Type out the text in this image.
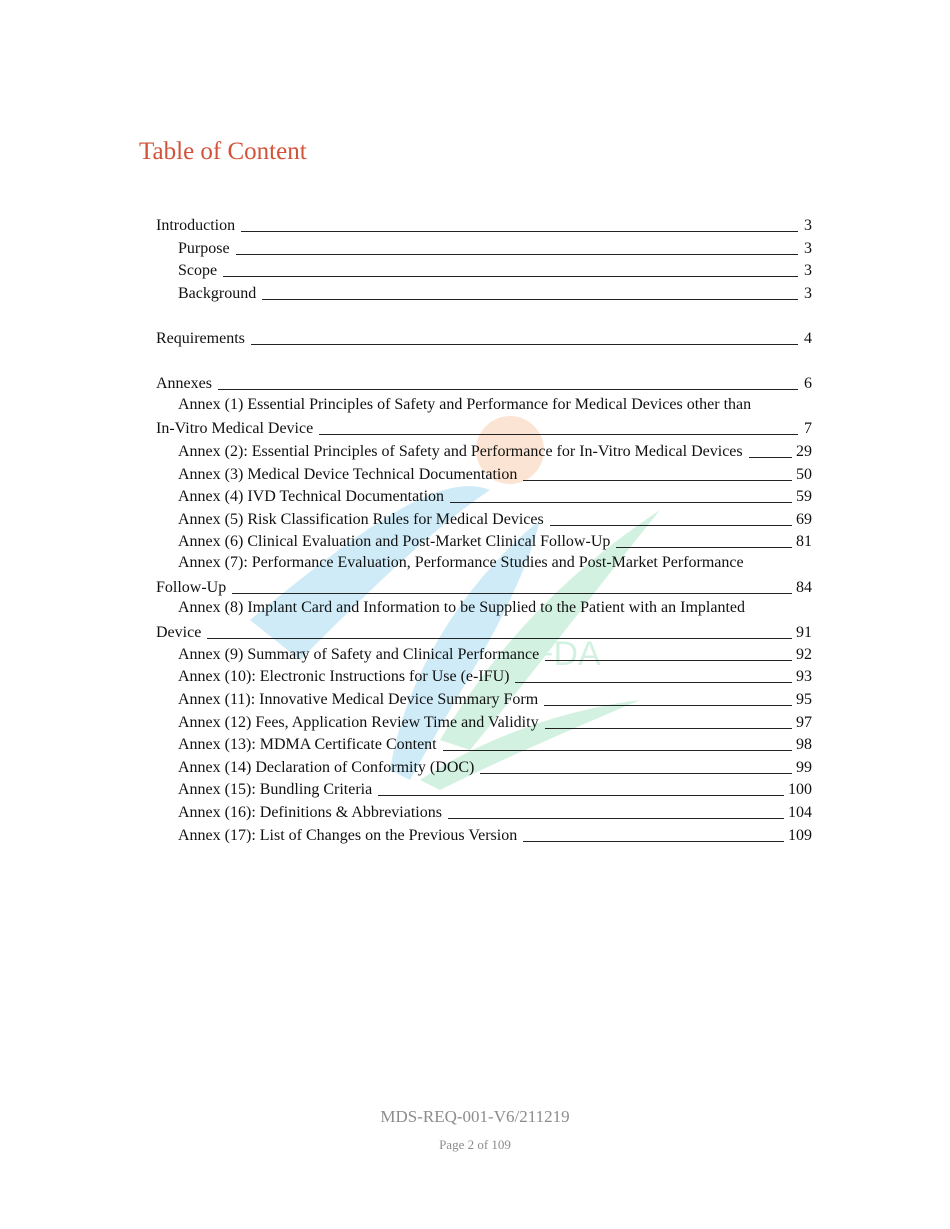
Table of Content
SFDA
Introduction	3
Purpose	3
Scope	3
Background	3
Requirements	4
Annexes	6
Annex (1) Essential Principles of Safety and Performance for Medical Devices other than
In-Vitro Medical Device	7
Annex (2): Essential Principles of Safety and Performance for In-Vitro Medical Devices	29
Annex (3) Medical Device Technical Documentation	50
Annex (4) IVD Technical Documentation	59
Annex (5) Risk Classification Rules for Medical Devices	69
Annex (6) Clinical Evaluation and Post-Market Clinical Follow-Up	81
Annex (7): Performance Evaluation, Performance Studies and Post-Market Performance
Follow-Up	84
Annex (8) Implant Card and Information to be Supplied to the Patient with an Implanted
Device	91
Annex (9) Summary of Safety and Clinical Performance	92
Annex (10): Electronic Instructions for Use (e-IFU)	93
Annex (11): Innovative Medical Device Summary Form	95
Annex (12) Fees, Application Review Time and Validity	97
Annex (13): MDMA Certificate Content	98
Annex (14) Declaration of Conformity (DOC)	99
Annex (15): Bundling Criteria	100
Annex (16): Definitions & Abbreviations	104
Annex (17): List of Changes on the Previous Version	109
MDS-REQ-001-V6/211219
Page 2 of 109
